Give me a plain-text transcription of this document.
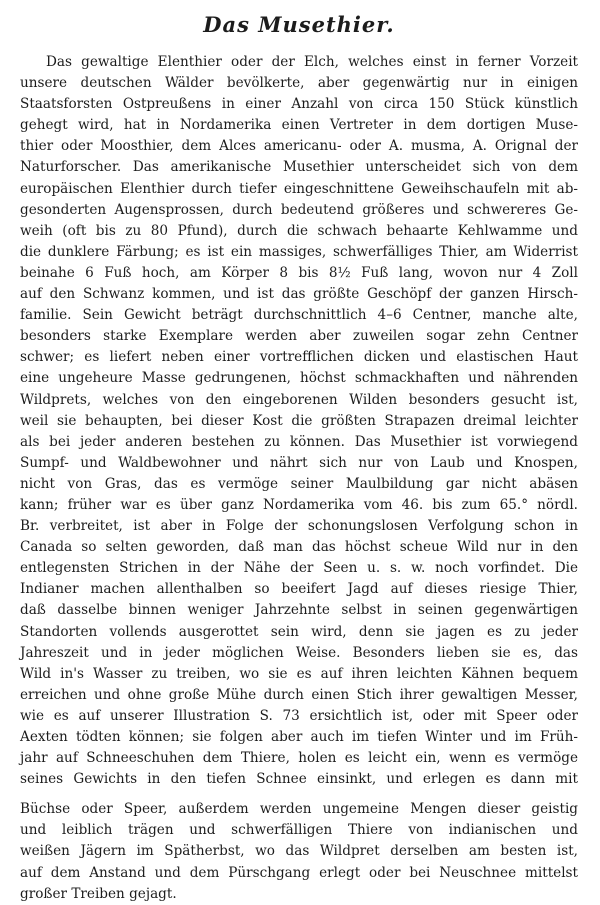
Das Musethier.
Das gewaltige Elenthier oder der Elch, welches einst in ferner Vorzeit
unsere deutschen Wälder bevölkerte, aber gegenwärtig nur in einigen
Staatsforsten Ostpreußens in einer Anzahl von circa 150 Stück künstlich
gehegt wird, hat in Nordamerika einen Vertreter in dem dortigen Muse-
thier oder Moosthier, dem Alces americanu- oder A. musma, A. Orignal der
Naturforscher. Das amerikanische Musethier unterscheidet sich von dem
europäischen Elenthier durch tiefer eingeschnittene Geweihschaufeln mit ab-
gesonderten Augensprossen, durch bedeutend größeres und schwereres Ge-
weih (oft bis zu 80 Pfund), durch die schwach behaarte Kehlwamme und
die dunklere Färbung; es ist ein massiges, schwerfälliges Thier, am Widerrist
beinahe 6 Fuß hoch, am Körper 8 bis 8½ Fuß lang, wovon nur 4 Zoll
auf den Schwanz kommen, und ist das größte Geschöpf der ganzen Hirsch-
familie. Sein Gewicht beträgt durchschnittlich 4–6 Centner, manche alte,
besonders starke Exemplare werden aber zuweilen sogar zehn Centner
schwer; es liefert neben einer vortrefflichen dicken und elastischen Haut
eine ungeheure Masse gedrungenen, höchst schmackhaften und nährenden
Wildprets, welches von den eingeborenen Wilden besonders gesucht ist,
weil sie behaupten, bei dieser Kost die größten Strapazen dreimal leichter
als bei jeder anderen bestehen zu können. Das Musethier ist vorwiegend
Sumpf- und Waldbewohner und nährt sich nur von Laub und Knospen,
nicht von Gras, das es vermöge seiner Maulbildung gar nicht abäsen
kann; früher war es über ganz Nordamerika vom 46. bis zum 65.° nördl.
Br. verbreitet, ist aber in Folge der schonungslosen Verfolgung schon in
Canada so selten geworden, daß man das höchst scheue Wild nur in den
entlegensten Strichen in der Nähe der Seen u. s. w. noch vorfindet. Die
Indianer machen allenthalben so beeifert Jagd auf dieses riesige Thier,
daß dasselbe binnen weniger Jahrzehnte selbst in seinen gegenwärtigen
Standorten vollends ausgerottet sein wird, denn sie jagen es zu jeder
Jahreszeit und in jeder möglichen Weise. Besonders lieben sie es, das
Wild in's Wasser zu treiben, wo sie es auf ihren leichten Kähnen bequem
erreichen und ohne große Mühe durch einen Stich ihrer gewaltigen Messer,
wie es auf unserer Illustration S. 73 ersichtlich ist, oder mit Speer oder
Aexten tödten können; sie folgen aber auch im tiefen Winter und im Früh-
jahr auf Schneeschuhen dem Thiere, holen es leicht ein, wenn es vermöge
seines Gewichts in den tiefen Schnee einsinkt, und erlegen es dann mit
Büchse oder Speer, außerdem werden ungemeine Mengen dieser geistig
und leiblich trägen und schwerfälligen Thiere von indianischen und
weißen Jägern im Spätherbst, wo das Wildpret derselben am besten ist,
auf dem Anstand und dem Pürschgang erlegt oder bei Neuschnee mittelst
großer Treiben gejagt.
